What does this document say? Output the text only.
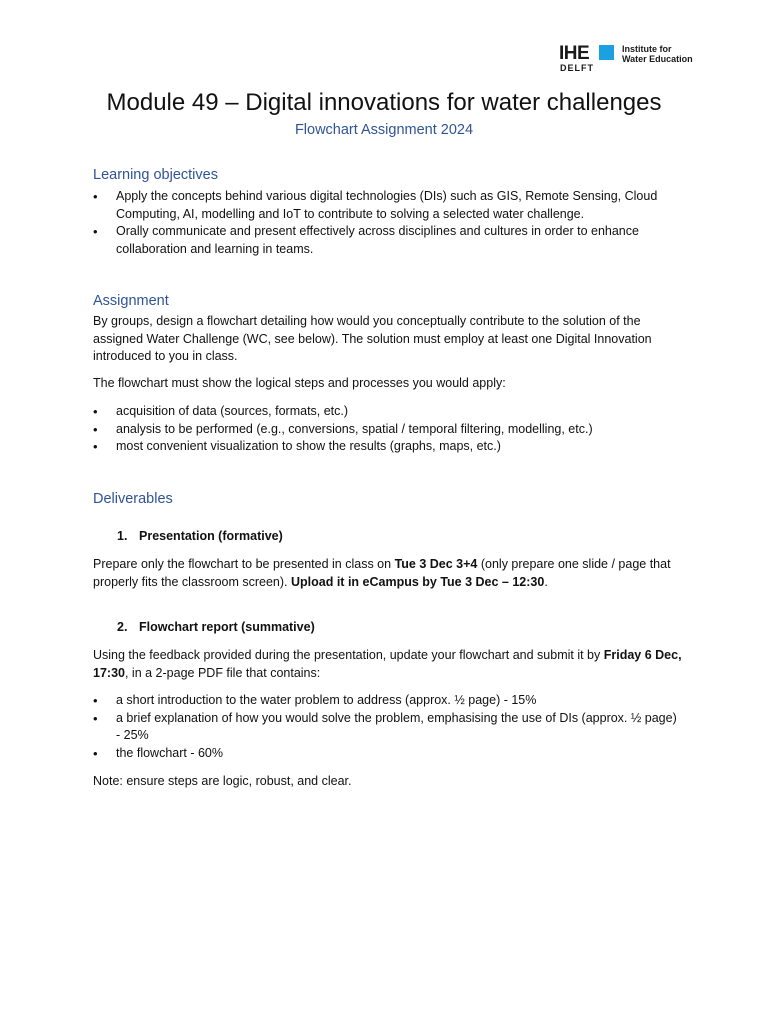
IHE
DELFT
Institute for
Water Education
Module 49 – Digital innovations for water challenges
Flowchart Assignment 2024
Learning objectives
• Apply the concepts behind various digital technologies (DIs) such as GIS, Remote Sensing, Cloud Computing, AI, modelling and IoT to contribute to solving a selected water challenge.
• Orally communicate and present effectively across disciplines and cultures in order to enhance collaboration and learning in teams.
Assignment
By groups, design a flowchart detailing how would you conceptually contribute to the solution of the assigned Water Challenge (WC, see below). The solution must employ at least one Digital Innovation introduced to you in class.
The flowchart must show the logical steps and processes you would apply:
• acquisition of data (sources, formats, etc.)
• analysis to be performed (e.g., conversions, spatial / temporal filtering, modelling, etc.)
• most convenient visualization to show the results (graphs, maps, etc.)
Deliverables
1. Presentation (formative)
Prepare only the flowchart to be presented in class on Tue 3 Dec 3+4 (only prepare one slide / page that properly fits the classroom screen). Upload it in eCampus by Tue 3 Dec – 12:30.
2. Flowchart report (summative)
Using the feedback provided during the presentation, update your flowchart and submit it by Friday 6 Dec, 17:30, in a 2-page PDF file that contains:
• a short introduction to the water problem to address (approx. ½ page) - 15%
• a brief explanation of how you would solve the problem, emphasising the use of DIs (approx. ½ page) - 25%
• the flowchart - 60%
Note: ensure steps are logic, robust, and clear.
